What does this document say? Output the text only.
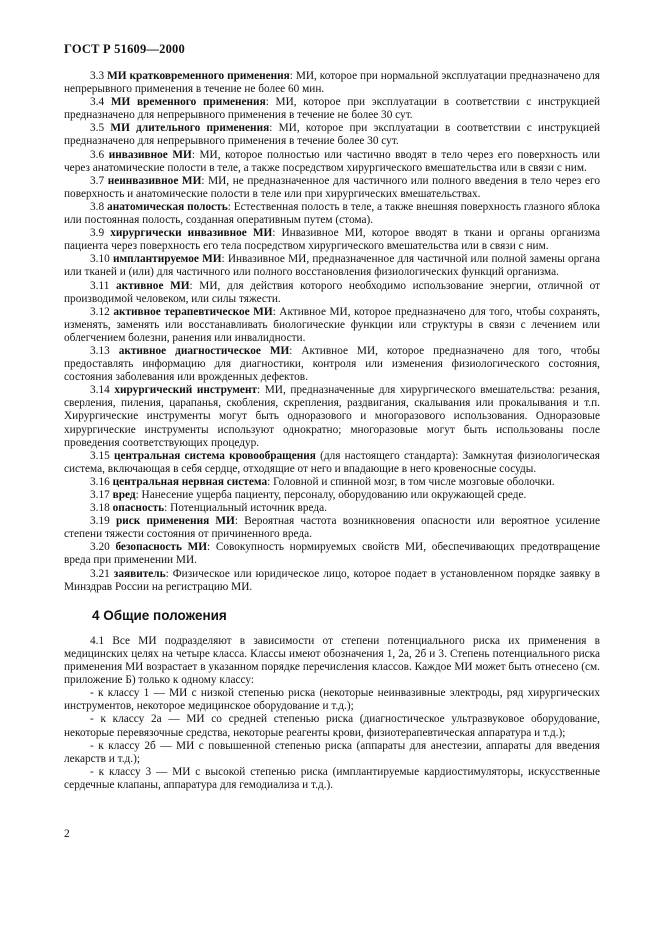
ГОСТ Р 51609—2000

3.3 МИ кратковременного применения: МИ, которое при нормальной эксплуатации предназначено для непрерывного применения в течение не более 60 мин.

3.4 МИ временного применения: МИ, которое при эксплуатации в соответствии с инструкцией предназначено для непрерывного применения в течение не более 30 сут.

3.5 МИ длительного применения: МИ, которое при эксплуатации в соответствии с инструкцией предназначено для непрерывного применения в течение более 30 сут.

3.6 инвазивное МИ: МИ, которое полностью или частично вводят в тело через его поверхность или через анатомические полости в теле, а также посредством хирургического вмешательства или в связи с ним.

3.7 неинвазивное МИ: МИ, не предназначенное для частичного или полного введения в тело через его поверхность и анатомические полости в теле или при хирургических вмешательствах.

3.8 анатомическая полость: Естественная полость в теле, а также внешняя поверхность глазного яблока или постоянная полость, созданная оперативным путем (стома).

3.9 хирургически инвазивное МИ: Инвазивное МИ, которое вводят в ткани и органы организма пациента через поверхность его тела посредством хирургического вмешательства или в связи с ним.

3.10 имплантируемое МИ: Инвазивное МИ, предназначенное для частичной или полной замены органа или тканей и (или) для частичного или полного восстановления физиологических функций организма.

3.11 активное МИ: МИ, для действия которого необходимо использование энергии, отличной от производимой человеком, или силы тяжести.

3.12 активное терапевтическое МИ: Активное МИ, которое предназначено для того, чтобы сохранять, изменять, заменять или восстанавливать биологические функции или структуры в связи с лечением или облегчением болезни, ранения или инвалидности.

3.13 активное диагностическое МИ: Активное МИ, которое предназначено для того, чтобы предоставлять информацию для диагностики, контроля или изменения физиологического состояния, состояния заболевания или врожденных дефектов.

3.14 хирургический инструмент: МИ, предназначенные для хирургического вмешательства: резания, сверления, пиления, царапанья, скобления, скрепления, раздвигания, скалывания или прокалывания и т.п. Хирургические инструменты могут быть одноразового и многоразового использования. Одноразовые хирургические инструменты используют однократно; многоразовые могут быть использованы после проведения соответствующих процедур.

3.15 центральная система кровообращения (для настоящего стандарта): Замкнутая физиологическая система, включающая в себя сердце, отходящие от него и впадающие в него кровеносные сосуды.

3.16 центральная нервная система: Головной и спинной мозг, в том числе мозговые оболочки.

3.17 вред: Нанесение ущерба пациенту, персоналу, оборудованию или окружающей среде.

3.18 опасность: Потенциальный источник вреда.

3.19 риск применения МИ: Вероятная частота возникновения опасности или вероятное усиление степени тяжести состояния от причиненного вреда.

3.20 безопасность МИ: Совокупность нормируемых свойств МИ, обеспечивающих предотвращение вреда при применении МИ.

3.21 заявитель: Физическое или юридическое лицо, которое подает в установленном порядке заявку в Минздрав России на регистрацию МИ.

4 Общие положения

4.1 Все МИ подразделяют в зависимости от степени потенциального риска их применения в медицинских целях на четыре класса. Классы имеют обозначения 1, 2а, 2б и 3. Степень потенциального риска применения МИ возрастает в указанном порядке перечисления классов. Каждое МИ может быть отнесено (см. приложение Б) только к одному классу:

- к классу 1 — МИ с низкой степенью риска (некоторые неинвазивные электроды, ряд хирургических инструментов, некоторое медицинское оборудование и т.д.);

- к классу 2а — МИ со средней степенью риска (диагностическое ультразвуковое оборудование, некоторые перевязочные средства, некоторые реагенты крови, физиотерапевтическая аппаратура и т.д.);

- к классу 2б — МИ с повышенной степенью риска (аппараты для анестезии, аппараты для введения лекарств и т.д.);

- к классу 3 — МИ с высокой степенью риска (имплантируемые кардиостимуляторы, искусственные сердечные клапаны, аппаратура для гемодиализа и т.д.).

2
